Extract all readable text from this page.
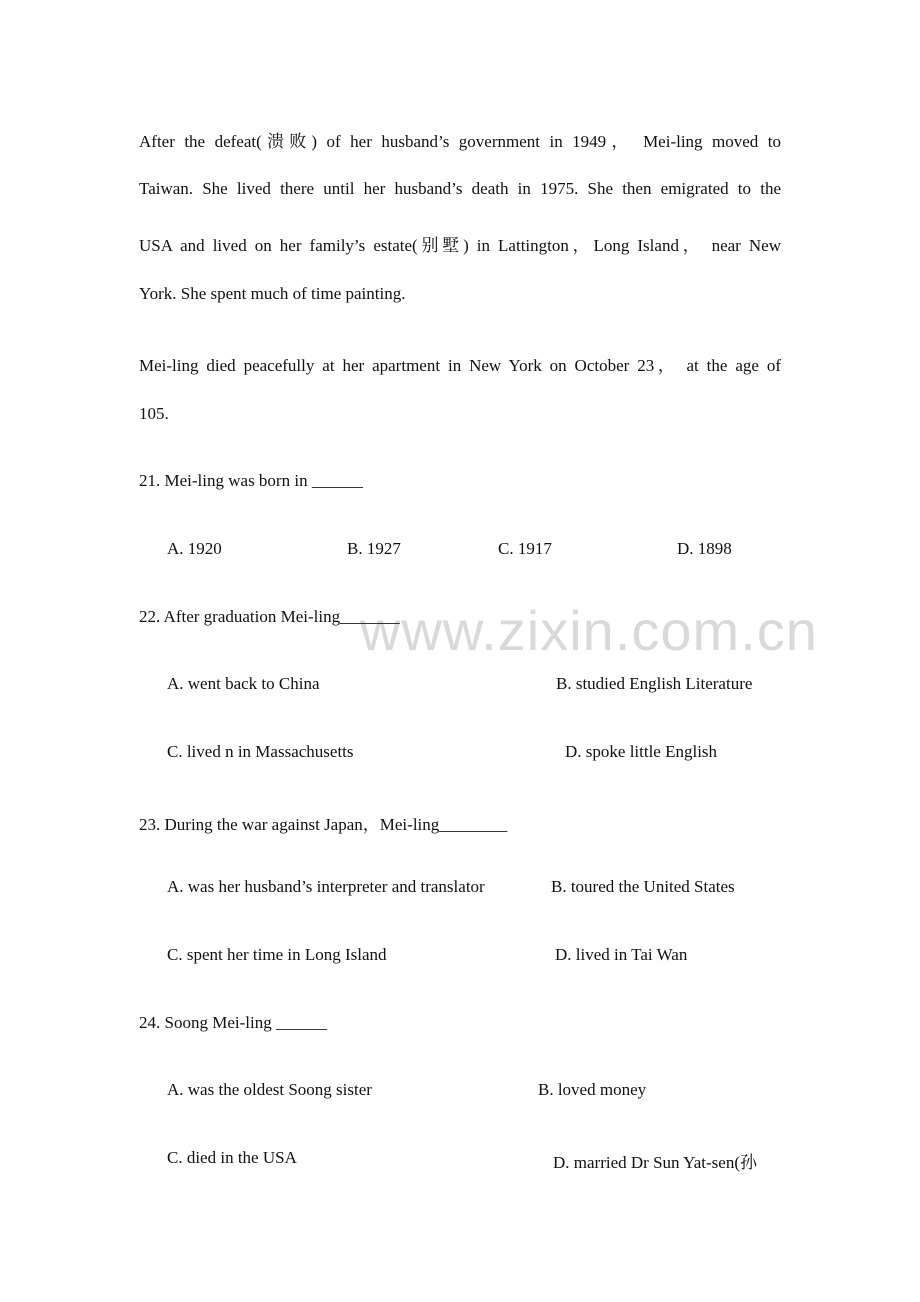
www.zixin.com.cn
After the defeat(溃败) of her husband’s government in 1949， Mei-ling moved to
Taiwan. She lived there until her husband’s death in 1975. She then emigrated to the
USA and lived on her family’s estate(别墅) in Lattington，Long Island， near New
York. She spent much of time painting.
Mei-ling died peacefully at her apartment in New York on October 23， at the age of
105.
21. Mei-ling was born in ______
A. 1920	B. 1927	C. 1917	D. 1898
22. After graduation Mei-ling_______
A. went back to China	B. studied English Literature
C. lived n in Massachusetts	D. spoke little English
23. During the war against Japan，Mei-ling________
A. was her husband’s interpreter and translator	B. toured the United States
C. spent her time in Long Island	D. lived in Tai Wan
24. Soong Mei-ling ______
A. was the oldest Soong sister	B. loved money
C. died in the USA	D. married Dr Sun Yat-sen(孙
